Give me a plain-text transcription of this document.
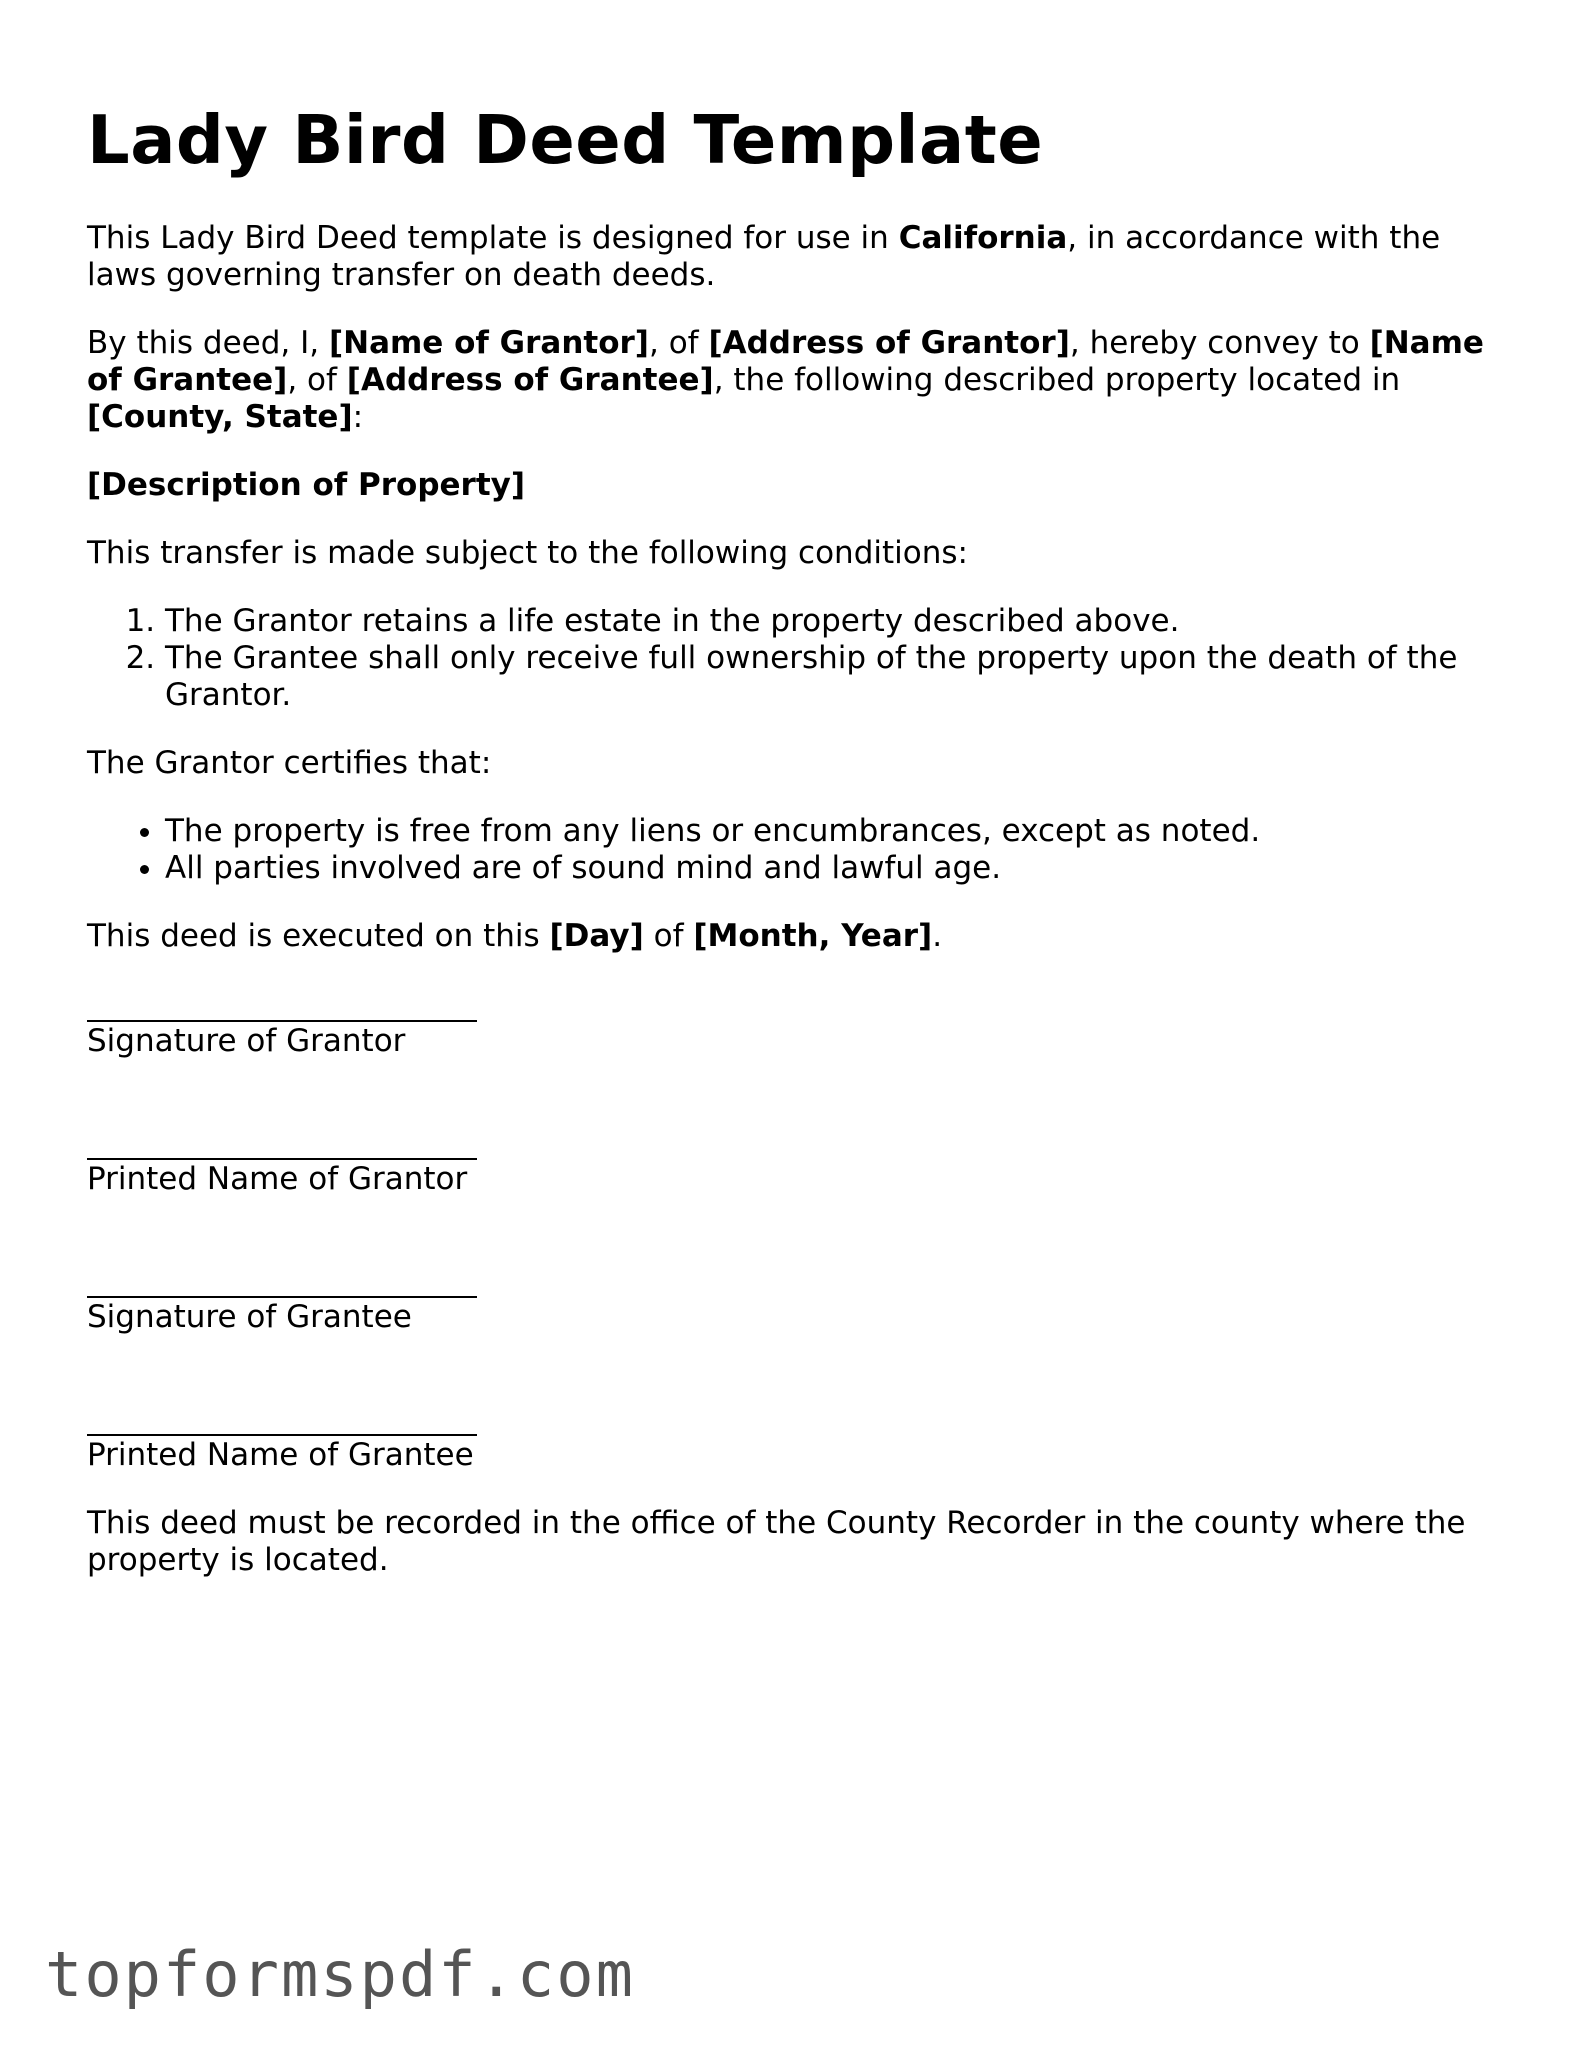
Lady Bird Deed Template

This Lady Bird Deed template is designed for use in California, in accordance with the laws governing transfer on death deeds.

By this deed, I, [Name of Grantor], of [Address of Grantor], hereby convey to [Name of Grantee], of [Address of Grantee], the following described property located in [County, State]:

[Description of Property]

This transfer is made subject to the following conditions:

1. The Grantor retains a life estate in the property described above.
2. The Grantee shall only receive full ownership of the property upon the death of the Grantor.

The Grantor certifies that:

• The property is free from any liens or encumbrances, except as noted.
• All parties involved are of sound mind and lawful age.

This deed is executed on this [Day] of [Month, Year].

Signature of Grantor
Printed Name of Grantor
Signature of Grantee
Printed Name of Grantee

This deed must be recorded in the office of the County Recorder in the county where the property is located.

topformspdf.com
